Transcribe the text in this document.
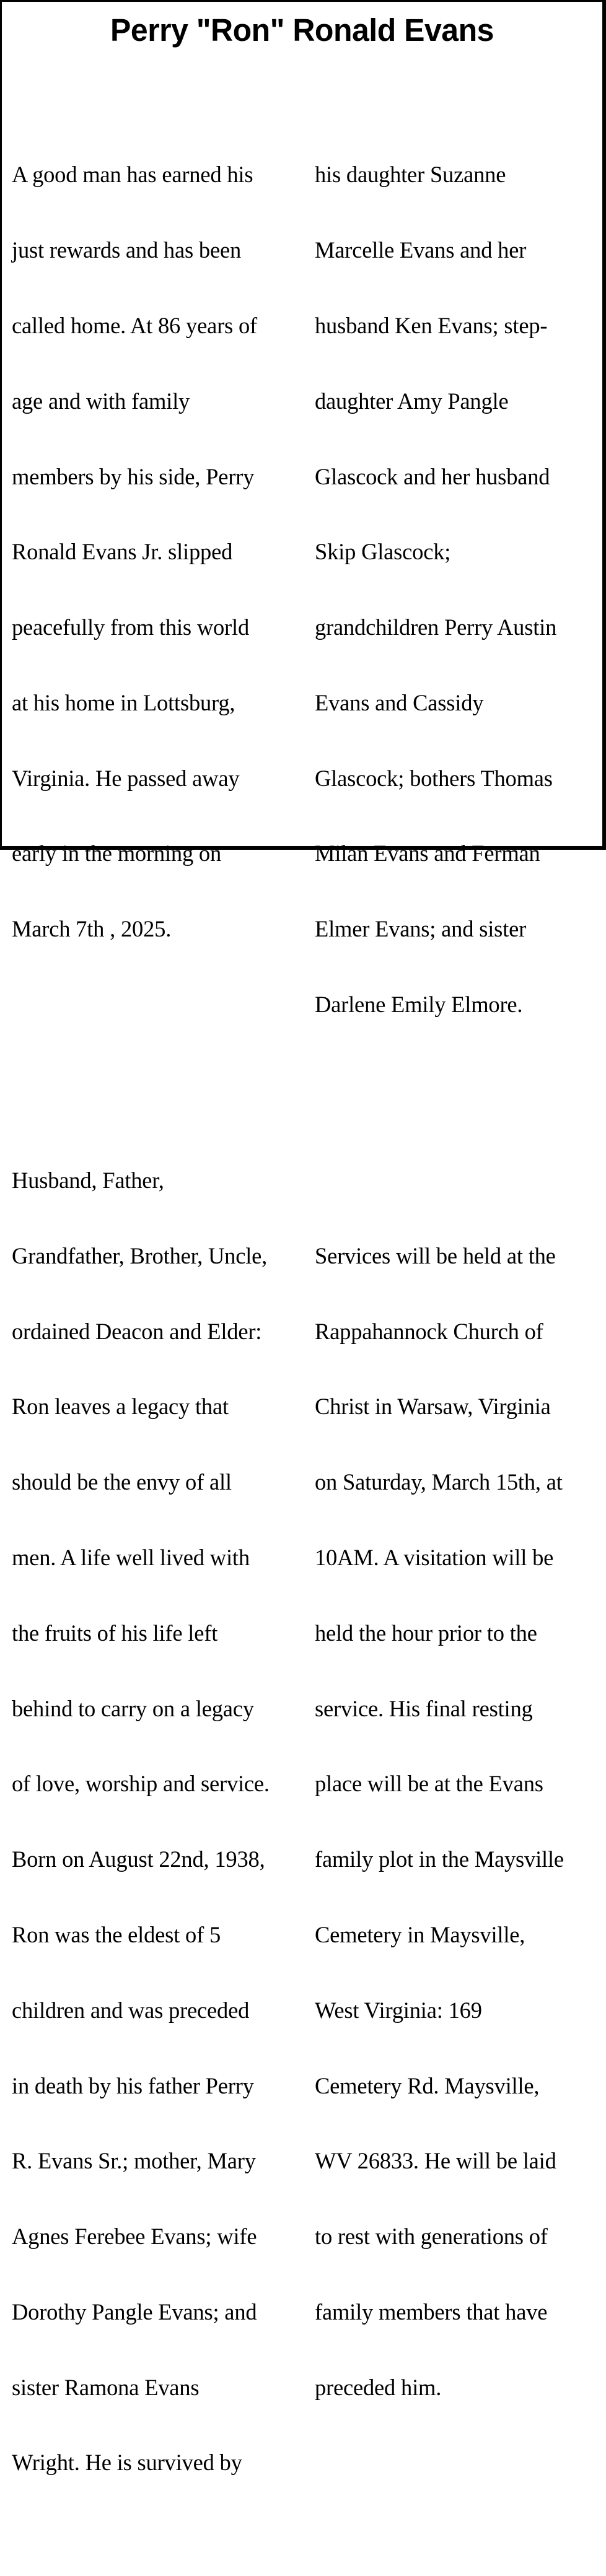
Perry "Ron" Ronald Evans

A good man has earned his

just rewards and has been

called home. At 86 years of

age and with family

members by his side, Perry

Ronald Evans Jr. slipped

peacefully from this world

at his home in Lottsburg,

Virginia. He passed away

early in the morning on

March 7th , 2025.

Husband, Father,

Grandfather, Brother, Uncle,

ordained Deacon and Elder:

Ron leaves a legacy that

should be the envy of all

men. A life well lived with

the fruits of his life left

behind to carry on a legacy

of love, worship and service.

Born on August 22nd, 1938,

Ron was the eldest of 5

children and was preceded

in death by his father Perry

R. Evans Sr.; mother, Mary

Agnes Ferebee Evans; wife

Dorothy Pangle Evans; and

sister Ramona Evans

Wright. He is survived by

his daughter Suzanne

Marcelle Evans and her

husband Ken Evans; step-

daughter Amy Pangle

Glascock and her husband

Skip Glascock;

grandchildren Perry Austin

Evans and Cassidy

Glascock; bothers Thomas

Milan Evans and Ferman

Elmer Evans; and sister

Darlene Emily Elmore.

Services will be held at the

Rappahannock Church of

Christ in Warsaw, Virginia

on Saturday, March 15th, at

10AM. A visitation will be

held the hour prior to the

service. His final resting

place will be at the Evans

family plot in the Maysville

Cemetery in Maysville,

West Virginia: 169

Cemetery Rd. Maysville,

WV 26833. He will be laid

to rest with generations of

family members that have

preceded him.
